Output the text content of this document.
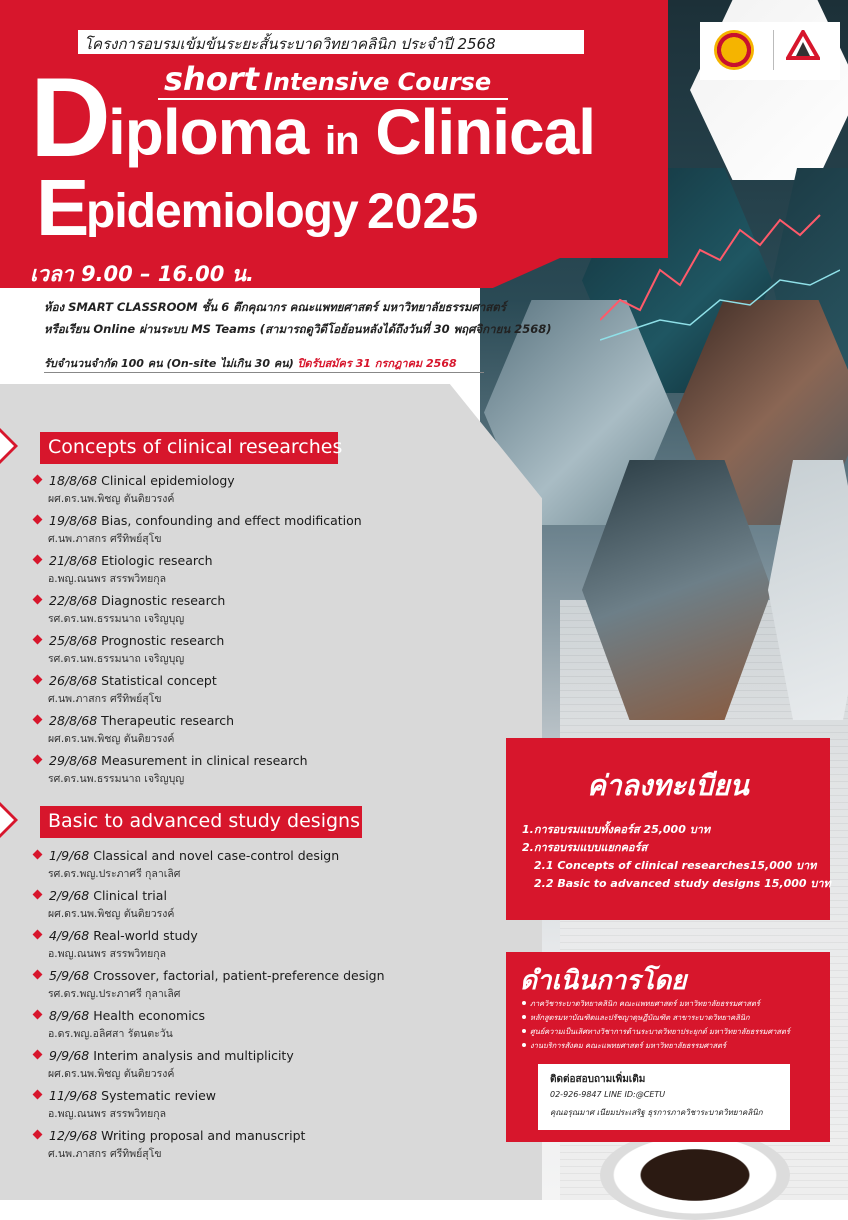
โครงการอบรมเข้มข้นระยะสั้นระบาดวิทยาคลินิก ประจำปี 2568
short Intensive Course
D
iploma in Clinical
E
pidemiology 2025
เวลา 9.00 – 16.00 น.
ห้อง SMART CLASSROOM ชั้น 6 ตึกคุณากร คณะแพทยศาสตร์ มหาวิทยาลัยธรรมศาสตร์
หรือเรียน Online ผ่านระบบ MS Teams (สามารถดูวิดีโอย้อนหลังได้ถึงวันที่ 30 พฤศจิกายน 2568)
รับจำนวนจำกัด 100 คน (On-site ไม่เกิน 30 คน) ปิดรับสมัคร 31 กรกฎาคม 2568
Concepts of clinical researches
18/8/68 Clinical epidemiology
ผศ.ดร.นพ.พิชญ ตันติยวรงค์
19/8/68 Bias, confounding and effect modification
ศ.นพ.ภาสกร ศรีทิพย์สุโข
21/8/68 Etiologic research
อ.พญ.ณนพร สรรพวิทยกุล
22/8/68 Diagnostic research
รศ.ดร.นพ.ธรรมนาถ เจริญบุญ
25/8/68 Prognostic research
รศ.ดร.นพ.ธรรมนาถ เจริญบุญ
26/8/68 Statistical concept
ศ.นพ.ภาสกร ศรีทิพย์สุโข
28/8/68 Therapeutic research
ผศ.ดร.นพ.พิชญ ตันติยวรงค์
29/8/68 Measurement in clinical research
รศ.ดร.นพ.ธรรมนาถ เจริญบุญ
Basic to advanced study designs
1/9/68 Classical and novel case-control design
รศ.ดร.พญ.ประภาศรี กุลาเลิศ
2/9/68 Clinical trial
ผศ.ดร.นพ.พิชญ ตันติยวรงค์
4/9/68 Real-world study
อ.พญ.ณนพร สรรพวิทยกุล
5/9/68 Crossover, factorial, patient-preference design
รศ.ดร.พญ.ประภาศรี กุลาเลิศ
8/9/68 Health economics
อ.ดร.พญ.อลิศสา รัตนตะวัน
9/9/68 Interim analysis and multiplicity
ผศ.ดร.นพ.พิชญ ตันติยวรงค์
11/9/68 Systematic review
อ.พญ.ณนพร สรรพวิทยกุล
12/9/68 Writing proposal and manuscript
ศ.นพ.ภาสกร ศรีทิพย์สุโข
ค่าลงทะเบียน
1.การอบรมแบบทั้งคอร์ส 25,000 บาท
2.การอบรมแบบแยกคอร์ส
2.1 Concepts of clinical researches15,000 บาท
2.2 Basic to advanced study designs 15,000 บาท
ดำเนินการโดย
ภาควิชาระบาดวิทยาคลินิก คณะแพทยศาสตร์ มหาวิทยาลัยธรรมศาสตร์
หลักสูตรมหาบัณฑิตและปรัชญาดุษฎีบัณฑิต สาขาระบาดวิทยาคลินิก
ศูนย์ความเป็นเลิศทางวิชาการด้านระบาดวิทยาประยุกต์ มหาวิทยาลัยธรรมศาสตร์
งานบริการสังคม คณะแพทยศาสตร์ มหาวิทยาลัยธรรมศาสตร์
ติดต่อสอบถามเพิ่มเติม
02-926-9847 LINE ID:@CETU
คุณอรุณมาศ เนียมประเสริฐ ธุรการภาควิชาระบาดวิทยาคลินิก
